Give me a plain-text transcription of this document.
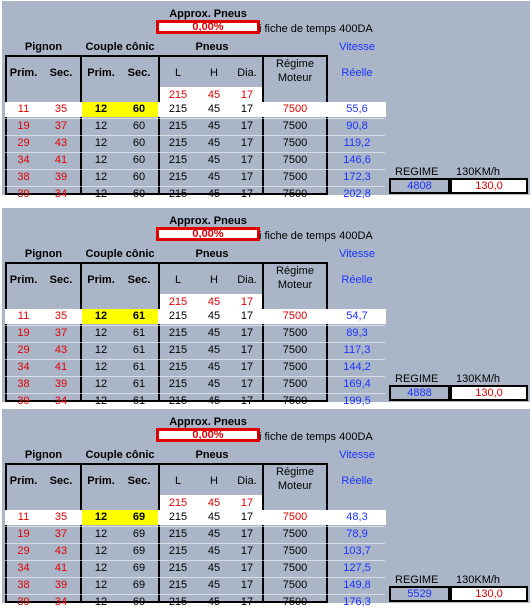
Approx. Pneus
0,00%	i fiche de temps 400DA
Pignon	Couple cônic	Pneus	Vitesse
Prim.	Sec.	Prim.	Sec.	L	H	Dia.
Régime
Moteur	Réelle
215	45	17
11	35	12	60	215	45	17	7500	55,6
19	37	12	60	215	45	17	7500	90,8
29	43	12	60	215	45	17	7500	119,2
34	41	12	60	215	45	17	7500	146,6
38	39	12	60	215	45	17	7500	172,3
39	34	12	60	215	45	17	7500	202,8
REGIME 130KM/h
4808	130,0
Approx. Pneus
0,00%	i fiche de temps 400DA
Pignon	Couple cônic	Pneus	Vitesse
Prim.	Sec.	Prim.	Sec.	L	H	Dia.
Régime
Moteur	Réelle
215	45	17
11	35	12	61	215	45	17	7500	54,7
19	37	12	61	215	45	17	7500	89,3
29	43	12	61	215	45	17	7500	117,3
34	41	12	61	215	45	17	7500	144,2
38	39	12	61	215	45	17	7500	169,4
39	34	12	61	215	45	17	7500	199,5
REGIME 130KM/h
4888	130,0
Approx. Pneus
0,00%	i fiche de temps 400DA
Pignon	Couple cônic	Pneus	Vitesse
Prim.	Sec.	Prim.	Sec.	L	H	Dia.
Régime
Moteur	Réelle
215	45	17
11	35	12	69	215	45	17	7500	48,3
19	37	12	69	215	45	17	7500	78,9
29	43	12	69	215	45	17	7500	103,7
34	41	12	69	215	45	17	7500	127,5
38	39	12	69	215	45	17	7500	149,8
39	34	12	69	215	45	17	7500	176,3
REGIME 130KM/h
5529	130,0
